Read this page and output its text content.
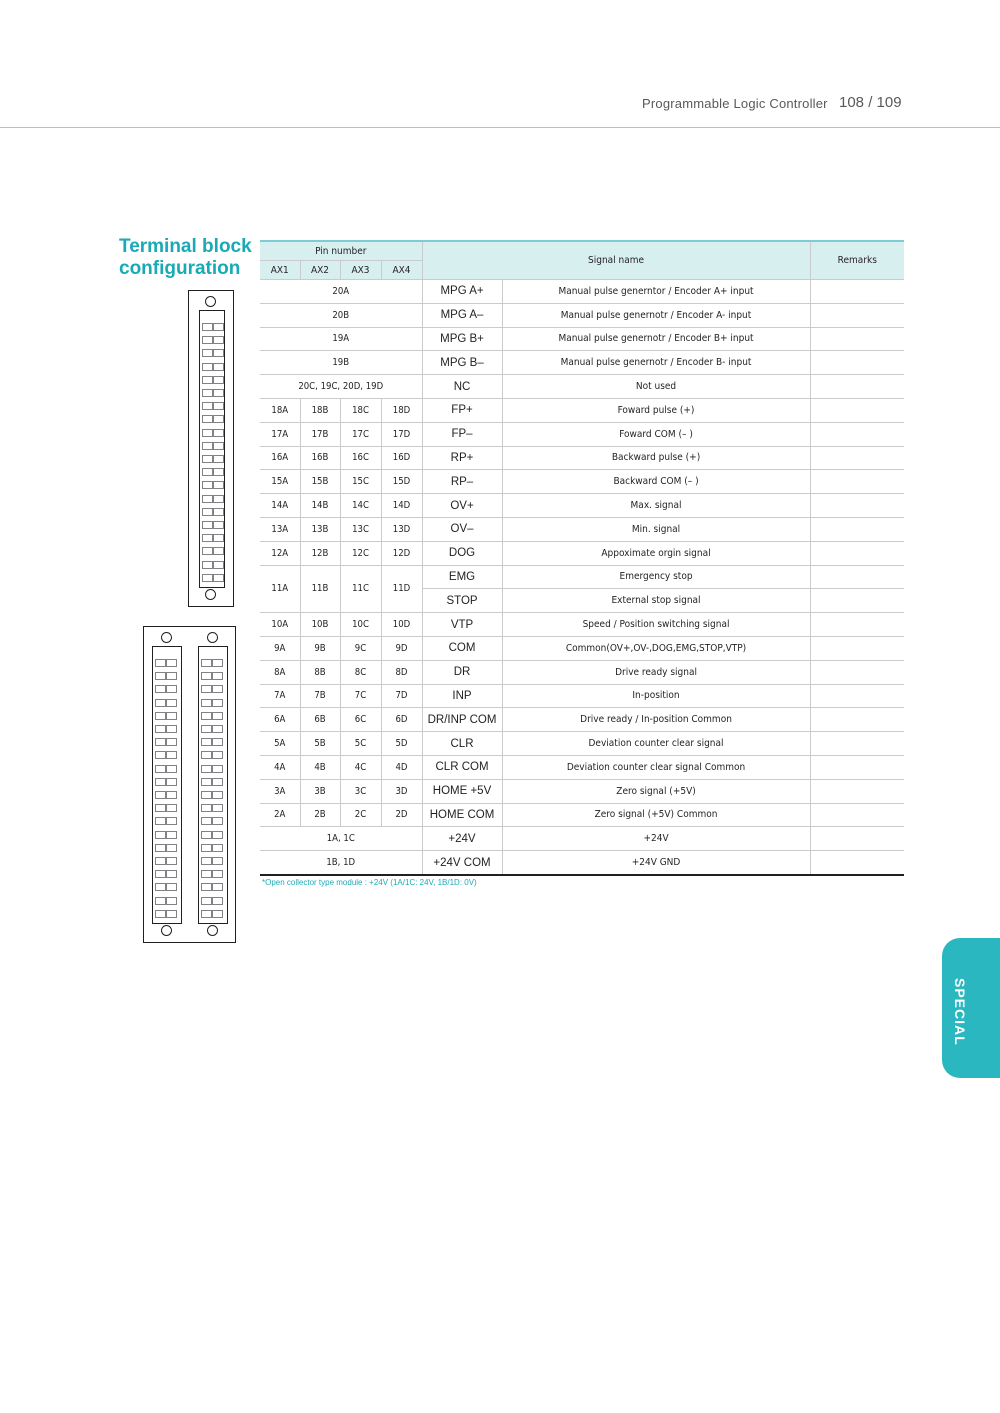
Programmable Logic Controller 108 / 109
Terminal block
configuration
Pin number				Signal name		Remarks
AX1	AX2	AX3	AX4			
20A				MPG A+	Manual pulse generntor / Encoder A+ input	
20B				MPG A–	Manual pulse genernotr / Encoder A- input	
19A				MPG B+	Manual pulse genernotr / Encoder B+ input	
19B				MPG B–	Manual pulse genernotr / Encoder B- input	
20C, 19C, 20D, 19D				NC	Not used	
18A	18B	18C	18D	FP+	Foward pulse (+)	
17A	17B	17C	17D	FP–	Foward COM (– )	
16A	16B	16C	16D	RP+	Backward pulse (+)	
15A	15B	15C	15D	RP–	Backward COM (– )	
14A	14B	14C	14D	OV+	Max. signal	
13A	13B	13C	13D	OV–	Min. signal	
12A	12B	12C	12D	DOG	Appoximate orgin signal	
11A	11B	11C	11D	EMG	Emergency stop	
				STOP	External stop signal	
10A	10B	10C	10D	VTP	Speed / Position switching signal	
9A	9B	9C	9D	COM	Common(OV+,OV-,DOG,EMG,STOP,VTP)	
8A	8B	8C	8D	DR	Drive ready signal	
7A	7B	7C	7D	INP	In-position	
6A	6B	6C	6D	DR/INP COM	Drive ready / In-position Common	
5A	5B	5C	5D	CLR	Deviation counter clear signal	
4A	4B	4C	4D	CLR COM	Deviation counter clear signal Common	
3A	3B	3C	3D	HOME +5V	Zero signal (+5V)	
2A	2B	2C	2D	HOME COM	Zero signal (+5V) Common	
1A, 1C				+24V	+24V	
1B, 1D				+24V COM	+24V GND	
*Open collector type module : +24V (1A/1C: 24V, 1B/1D: 0V)
SPECIAL
